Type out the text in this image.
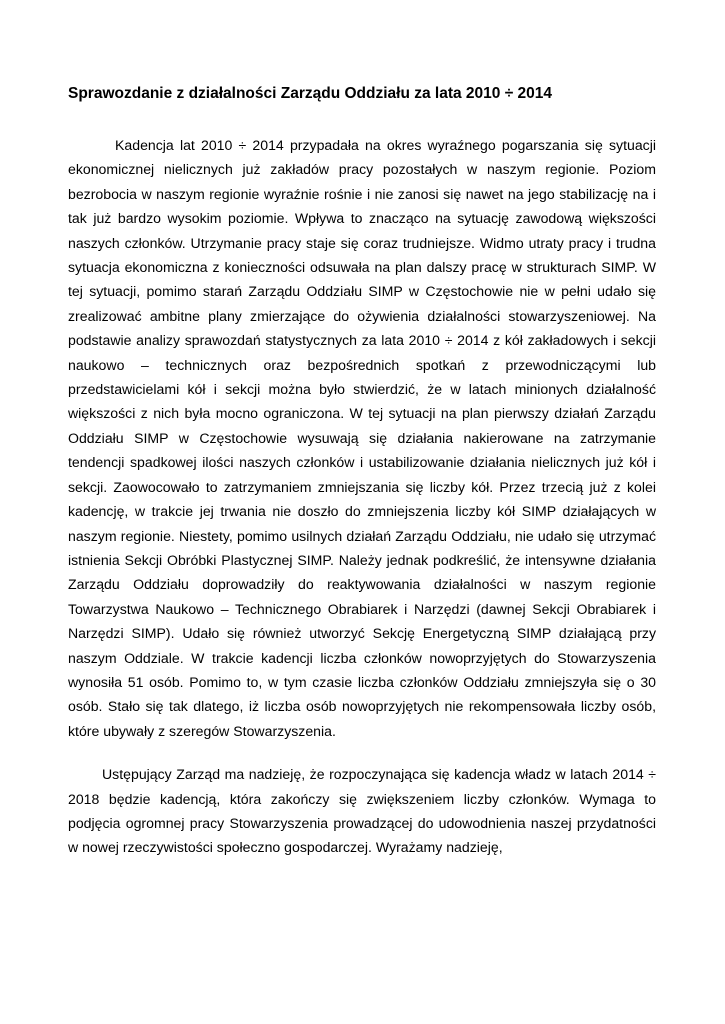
Sprawozdanie z działalności Zarządu Oddziału za lata 2010 ÷ 2014

Kadencja lat 2010 ÷ 2014 przypadała na okres wyraźnego pogarszania się sytuacji ekonomicznej nielicznych już zakładów pracy pozostałych w naszym regionie. Poziom bezrobocia w naszym regionie wyraźnie rośnie i nie zanosi się nawet na jego stabilizację na i tak już bardzo wysokim poziomie. Wpływa to znacząco na sytuację zawodową większości naszych członków. Utrzymanie pracy staje się coraz trudniejsze. Widmo utraty pracy i trudna sytuacja ekonomiczna z konieczności odsuwała na plan dalszy pracę w strukturach SIMP. W tej sytuacji, pomimo starań Zarządu Oddziału SIMP w Częstochowie nie w pełni udało się zrealizować ambitne plany zmierzające do ożywienia działalności stowarzyszeniowej. Na podstawie analizy sprawozdań statystycznych za lata 2010 ÷ 2014 z kół zakładowych i sekcji naukowo – technicznych oraz bezpośrednich spotkań z przewodniczącymi lub przedstawicielami kół i sekcji można było stwierdzić, że w latach minionych działalność większości z nich była mocno ograniczona. W tej sytuacji na plan pierwszy działań Zarządu Oddziału SIMP w Częstochowie wysuwają się działania nakierowane na zatrzymanie tendencji spadkowej ilości naszych członków i ustabilizowanie działania nielicznych już kół i sekcji. Zaowocowało to zatrzymaniem zmniejszania się liczby kół. Przez trzecią już z kolei kadencję, w trakcie jej trwania nie doszło do zmniejszenia liczby kół SIMP działających w naszym regionie. Niestety, pomimo usilnych działań Zarządu Oddziału, nie udało się utrzymać istnienia Sekcji Obróbki Plastycznej SIMP. Należy jednak podkreślić, że intensywne działania Zarządu Oddziału doprowadziły do reaktywowania działalności w naszym regionie Towarzystwa Naukowo – Technicznego Obrabiarek i Narzędzi (dawnej Sekcji Obrabiarek i Narzędzi SIMP). Udało się również utworzyć Sekcję Energetyczną SIMP działającą przy naszym Oddziale. W trakcie kadencji liczba członków nowoprzyjętych do Stowarzyszenia wynosiła 51 osób. Pomimo to, w tym czasie liczba członków Oddziału zmniejszyła się o 30 osób. Stało się tak dlatego, iż liczba osób nowoprzyjętych nie rekompensowała liczby osób, które ubywały z szeregów Stowarzyszenia.

Ustępujący Zarząd ma nadzieję, że rozpoczynająca się kadencja władz w latach 2014 ÷ 2018 będzie kadencją, która zakończy się zwiększeniem liczby członków. Wymaga to podjęcia ogromnej pracy Stowarzyszenia prowadzącej do udowodnienia naszej przydatności w nowej rzeczywistości społeczno gospodarczej. Wyrażamy nadzieję,
